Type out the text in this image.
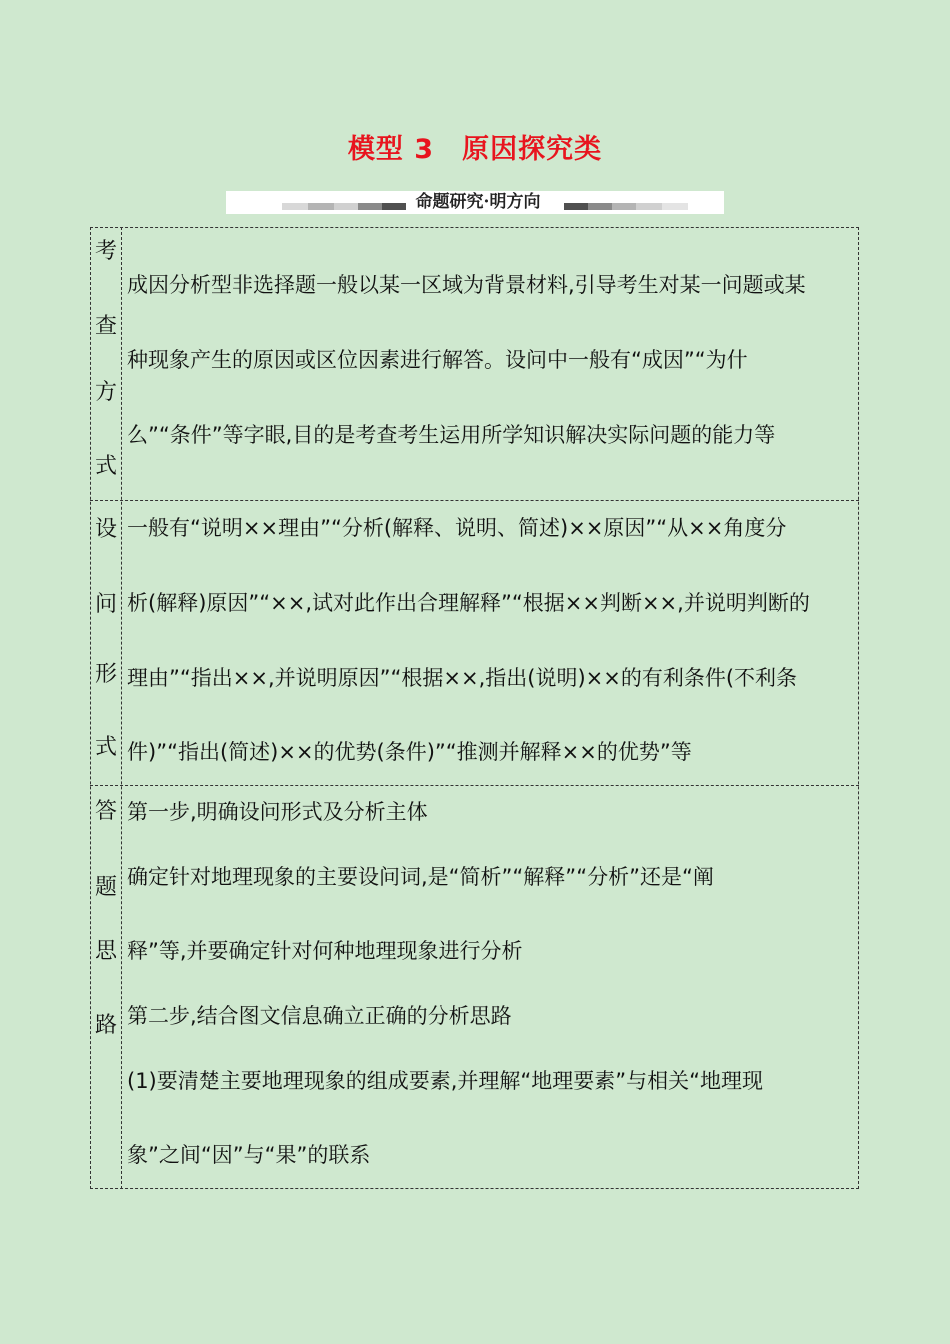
模型 3　原因探究类
命题研究·明方向
考
查
方
式
成因分析型非选择题一般以某一区域为背景材料,引导考生对某一问题或某
种现象产生的原因或区位因素进行解答。设问中一般有“成因”“为什
么”“条件”等字眼,目的是考查考生运用所学知识解决实际问题的能力等
设
问
形
式
一般有“说明××理由”“分析(解释、说明、简述)××原因”“从××角度分
析(解释)原因”“××,试对此作出合理解释”“根据××判断××,并说明判断的
理由”“指出××,并说明原因”“根据××,指出(说明)××的有利条件(不利条
件)”“指出(简述)××的优势(条件)”“推测并解释××的优势”等
答
题
思
路
第一步,明确设问形式及分析主体
确定针对地理现象的主要设问词,是“简析”“解释”“分析”还是“阐
释”等,并要确定针对何种地理现象进行分析
第二步,结合图文信息确立正确的分析思路
(1)要清楚主要地理现象的组成要素,并理解“地理要素”与相关“地理现
象”之间“因”与“果”的联系
